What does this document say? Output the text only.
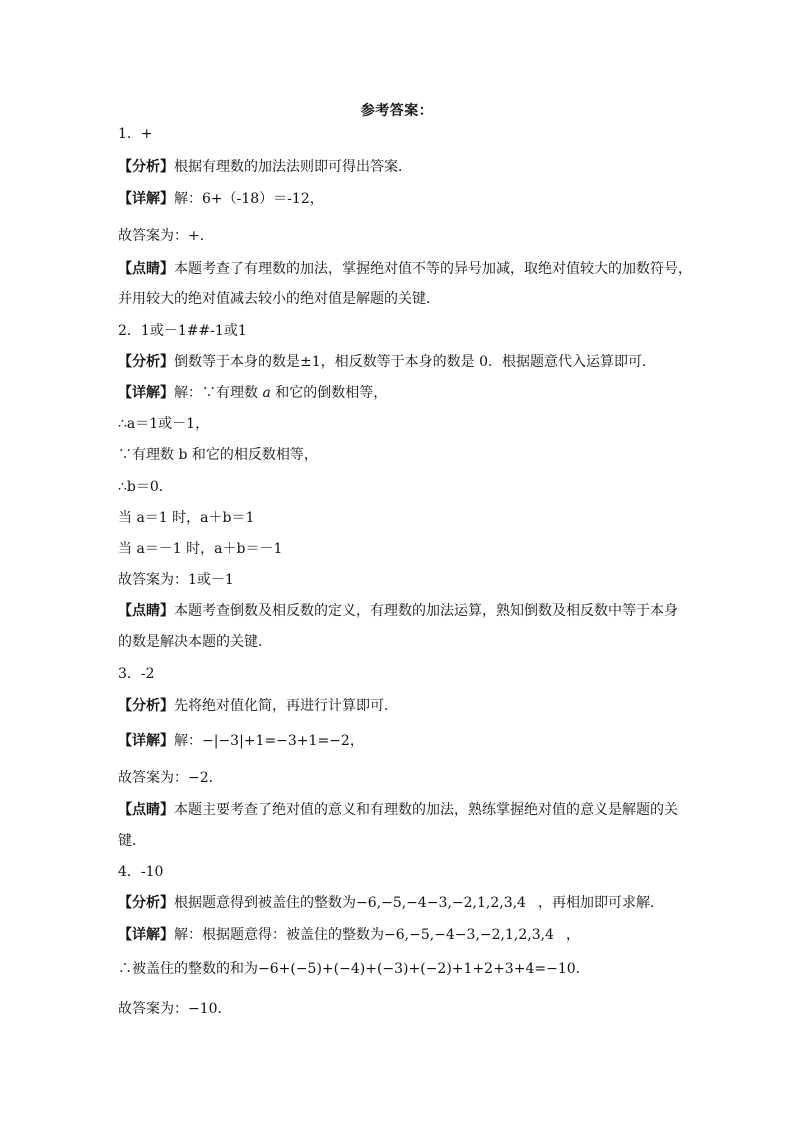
参考答案：
1．+
【分析】根据有理数的加法法则即可得出答案．
【详解】解：6+（-18）＝-12，
故答案为：+．
【点睛】本题考查了有理数的加法，掌握绝对值不等的异号加减，取绝对值较大的加数符号，
并用较大的绝对值减去较小的绝对值是解题的关键．
2．1或－1##-1或1
【分析】倒数等于本身的数是±1，相反数等于本身的数是 0．根据题意代入运算即可．
【详解】解：∵有理数 a 和它的倒数相等，
∴a＝1或－1，
∵有理数 b 和它的相反数相等，
∴b＝0．
当 a＝1 时，a＋b＝1
当 a＝－1 时，a＋b＝－1
故答案为：1或－1
【点睛】本题考查倒数及相反数的定义，有理数的加法运算，熟知倒数及相反数中等于本身
的数是解决本题的关键．
3．-2
【分析】先将绝对值化简，再进行计算即可．
【详解】解：−|−3|+1=−3+1=−2，
故答案为：−2．
【点睛】本题主要考查了绝对值的意义和有理数的加法，熟练掌握绝对值的意义是解题的关
键．
4．-10
【分析】根据题意得到被盖住的整数为−6,−5,−4−3,−2,1,2,3,4 ，再相加即可求解．
【详解】解：根据题意得：被盖住的整数为−6,−5,−4−3,−2,1,2,3,4 ，
∴被盖住的整数的和为−6+(−5)+(−4)+(−3)+(−2)+1+2+3+4=−10．
故答案为：−10．
